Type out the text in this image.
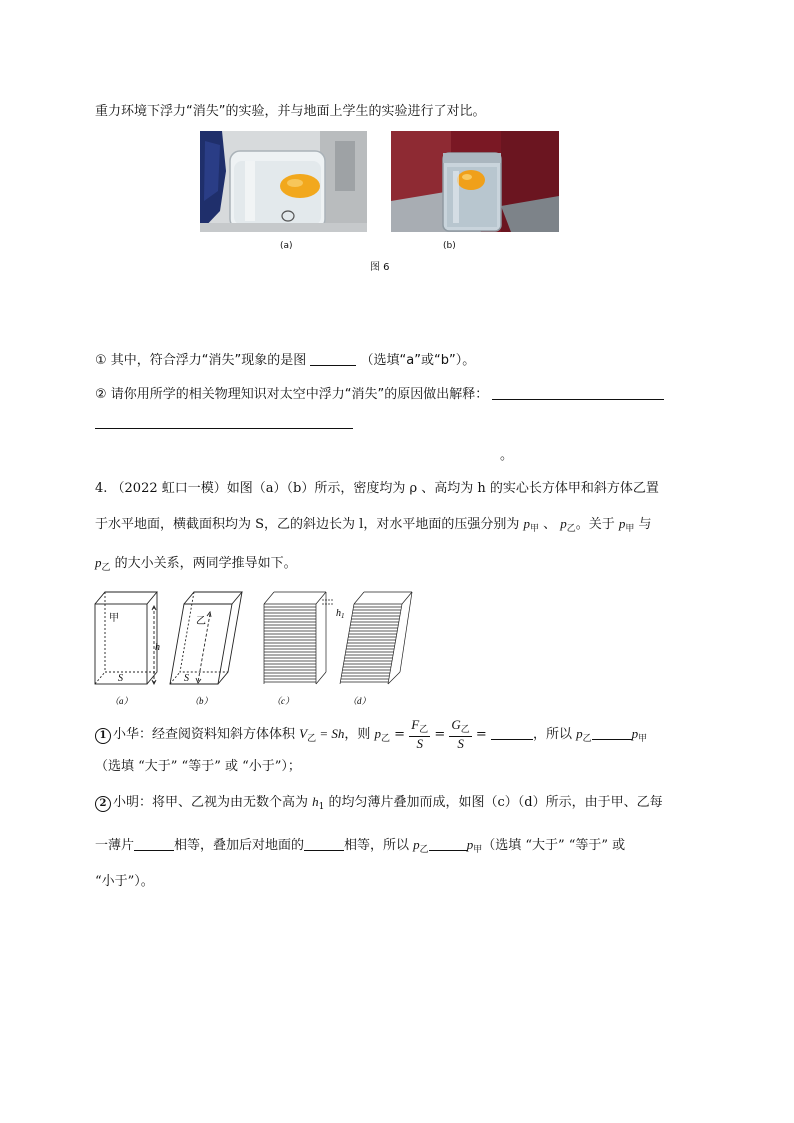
重力环境下浮力“消失”的实验，并与地面上学生的实验进行了对比。
(a)	(b)
图 6
① 其中，符合浮力“消失”现象的是图	（选填“a”或“b”）。
② 请你用所学的相关物理知识对太空中浮力“消失”的原因做出解释：
。
4. （2022 虹口一模）如图（a）（b）所示，密度均为 ρ 、高均为 h 的实心长方体甲和斜方体乙置
于水平地面，横截面积均为 S，乙的斜边长为 l，对水平地面的压强分别为 $p_甲$ 、 $p_乙$。关于 $p_甲$ 与
$p_乙$ 的大小关系，两同学推导如下。
甲
h
S
乙
S
$h_1$
（a）	（b）	（c）	（d）
1 小华：经查阅资料知斜方体体积 $V_乙 = Sh$，则 $p_乙 = \frac{F_乙}{S} = \frac{G_乙}{S}$ =	，所以 $p_乙$	$p_甲$
（选填 “大于” “等于” 或 “小于”）；
2 小明：将甲、乙视为由无数个高为 $h_1$ 的均匀薄片叠加而成，如图（c）（d）所示，由于甲、乙每
一薄片	相等，叠加后对地面的	相等，所以 $p_乙$	$p_甲$（选填 “大于” “等于” 或
“小于”）。
